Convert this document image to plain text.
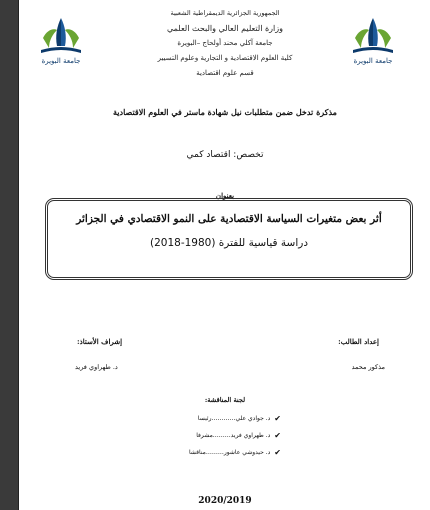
جامعة البويرة
جامعة البويرة
الجمهورية الجزائرية الديمقراطية الشعبية
وزارة التعليم العالي والبحث العلمي
جامعة آكلي محند أولحاج –البويرة
كلية العلوم الاقتصادية و التجارية وعلوم التسيير
قسم علوم اقتصادية
مذكرة تدخل ضمن متطلبات نيل شهادة ماستر في العلوم الاقتصادية
تخصص: اقتصاد كمي
بعنوان
أثر بعض متغيرات السياسة الاقتصادية على النمو الاقتصادي في الجزائر
دراسة قياسية للفترة (1980-2018)
إعداد الطالب:
إشراف الأستاذ:
مذكور محمد
د. طهراوي فريد
لجنة المناقشة:
✔
د. جوادي علي
…………
رئيسا
✔
د. طهراوي فريد
………
مشرفا
✔
د. حيدوشي عاشور
………
مناقشا
2020/2019
